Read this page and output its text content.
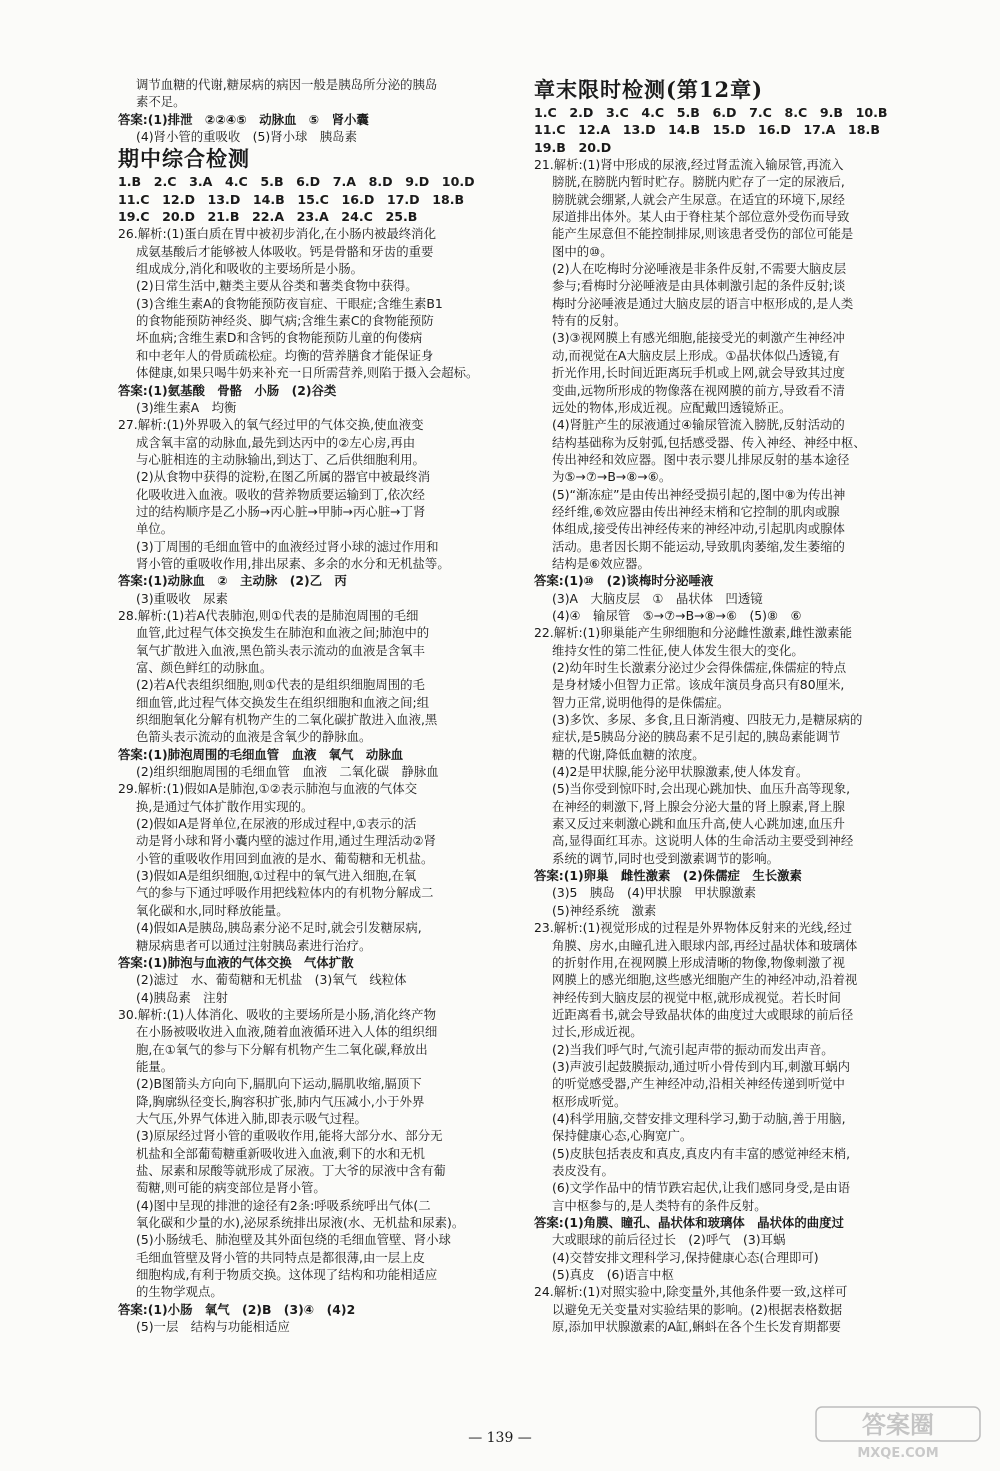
调节血糖的代谢,糖尿病的病因一般是胰岛所分泌的胰岛

素不足。

答案:(1)排泄　②②④⑤　动脉血　⑤　肾小囊

(4)肾小管的重吸收　(5)肾小球　胰岛素

期中综合检测

1.B　2.C　3.A　4.C　5.B　6.D　7.A　8.D　9.D　10.D

11.C　12.D　13.D　14.B　15.C　16.D　17.D　18.B

19.C　20.D　21.B　22.A　23.A　24.C　25.B

26.解析:(1)蛋白质在胃中被初步消化,在小肠内被最终消化

成氨基酸后才能够被人体吸收。钙是骨骼和牙齿的重要

组成成分,消化和吸收的主要场所是小肠。

(2)日常生活中,糖类主要从谷类和薯类食物中获得。

(3)含维生素A的食物能预防夜盲症、干眼症;含维生素B1

的食物能预防神经炎、脚气病;含维生素C的食物能预防

坏血病;含维生素D和含钙的食物能预防儿童的佝偻病

和中老年人的骨质疏松症。均衡的营养膳食才能保证身

体健康,如果只喝牛奶来补充一日所需营养,则陷于摄入会超标。

答案:(1)氨基酸　骨骼　小肠　(2)谷类

(3)维生素A　均衡

27.解析:(1)外界吸入的氧气经过甲的气体交换,使血液变

成含氧丰富的动脉血,最先到达丙中的②左心房,再由

与心脏相连的主动脉输出,到达丁、乙后供细胞利用。

(2)从食物中获得的淀粉,在图乙所属的器官中被最终消

化吸收进入血液。吸收的营养物质要运输到丁,依次经

过的结构顺序是乙小肠→丙心脏→甲肺→丙心脏→丁肾

单位。

(3)丁周围的毛细血管中的血液经过肾小球的滤过作用和

肾小管的重吸收作用,排出尿素、多余的水分和无机盐等。

答案:(1)动脉血　②　主动脉　(2)乙　丙

(3)重吸收　尿素

28.解析:(1)若A代表肺泡,则①代表的是肺泡周围的毛细

血管,此过程气体交换发生在肺泡和血液之间;肺泡中的

氧气扩散进入血液,黑色箭头表示流动的血液是含氧丰

富、颜色鲜红的动脉血。

(2)若A代表组织细胞,则①代表的是组织细胞周围的毛

细血管,此过程气体交换发生在组织细胞和血液之间;组

织细胞氧化分解有机物产生的二氧化碳扩散进入血液,黑

色箭头表示流动的血液是含氧少的静脉血。

答案:(1)肺泡周围的毛细血管　血液　氧气　动脉血

(2)组织细胞周围的毛细血管　血液　二氧化碳　静脉血

29.解析:(1)假如A是肺泡,①②表示肺泡与血液的气体交

换,是通过气体扩散作用实现的。

(2)假如A是肾单位,在尿液的形成过程中,①表示的活

动是肾小球和肾小囊内壁的滤过作用,通过生理活动②肾

小管的重吸收作用回到血液的是水、葡萄糖和无机盐。

(3)假如A是组织细胞,①过程中的氧气进入细胞,在氧

气的参与下通过呼吸作用把线粒体内的有机物分解成二

氧化碳和水,同时释放能量。

(4)假如A是胰岛,胰岛素分泌不足时,就会引发糖尿病,

糖尿病患者可以通过注射胰岛素进行治疗。

答案:(1)肺泡与血液的气体交换　气体扩散

(2)滤过　水、葡萄糖和无机盐　(3)氧气　线粒体

(4)胰岛素　注射

30.解析:(1)人体消化、吸收的主要场所是小肠,消化终产物

在小肠被吸收进入血液,随着血液循环进入人体的组织细

胞,在①氧气的参与下分解有机物产生二氧化碳,释放出

能量。

(2)B图箭头方向向下,膈肌向下运动,膈肌收缩,膈顶下

降,胸廓纵径变长,胸容积扩张,肺内气压减小,小于外界

大气压,外界气体进入肺,即表示吸气过程。

(3)原尿经过肾小管的重吸收作用,能将大部分水、部分无

机盐和全部葡萄糖重新吸收进入血液,剩下的水和无机

盐、尿素和尿酸等就形成了尿液。丁大爷的尿液中含有葡

萄糖,则可能的病变部位是肾小管。

(4)图中呈现的排泄的途径有2条:呼吸系统呼出气体(二

氧化碳和少量的水),泌尿系统排出尿液(水、无机盐和尿素)。

(5)小肠绒毛、肺泡壁及其外面包绕的毛细血管壁、肾小球

毛细血管壁及肾小管的共同特点是都很薄,由一层上皮

细胞构成,有利于物质交换。这体现了结构和功能相适应

的生物学观点。

答案:(1)小肠　氧气　(2)B　(3)④　(4)2

(5)一层　结构与功能相适应

章末限时检测(第12章)

1.C　2.D　3.C　4.C　5.B　6.D　7.C　8.C　9.B　10.B

11.C　12.A　13.D　14.B　15.D　16.D　17.A　18.B

19.B　20.D

21.解析:(1)肾中形成的尿液,经过肾盂流入输尿管,再流入

膀胱,在膀胱内暂时贮存。膀胱内贮存了一定的尿液后,

膀胱就会绷紧,人就会产生尿意。在适宜的环境下,尿经

尿道排出体外。某人由于脊柱某个部位意外受伤而导致

能产生尿意但不能控制排尿,则该患者受伤的部位可能是

图中的⑩。

(2)人在吃梅时分泌唾液是非条件反射,不需要大脑皮层

参与;看梅时分泌唾液是由具体刺激引起的条件反射;谈

梅时分泌唾液是通过大脑皮层的语言中枢形成的,是人类

特有的反射。

(3)③视网膜上有感光细胞,能接受光的刺激产生神经冲

动,而视觉在A大脑皮层上形成。①晶状体似凸透镜,有

折光作用,长时间近距离玩手机或上网,就会导致其过度

变曲,远物所形成的物像落在视网膜的前方,导致看不清

远处的物体,形成近视。应配戴凹透镜矫正。

(4)肾脏产生的尿液通过④输尿管流入膀胱,反射活动的

结构基础称为反射弧,包括感受器、传入神经、神经中枢、

传出神经和效应器。图中表示婴儿排尿反射的基本途径

为⑤→⑦→B→⑧→⑥。

(5)“渐冻症”是由传出神经受损引起的,图中⑧为传出神

经纤维,⑥效应器由传出神经末梢和它控制的肌肉或腺

体组成,接受传出神经传来的神经冲动,引起肌肉或腺体

活动。患者因长期不能运动,导致肌肉萎缩,发生萎缩的

结构是⑥效应器。

答案:(1)⑩　(2)谈梅时分泌唾液

(3)A　大脑皮层　①　晶状体　凹透镜

(4)④　输尿管　⑤→⑦→B→⑧→⑥　(5)⑧　⑥

22.解析:(1)卵巢能产生卵细胞和分泌雌性激素,雌性激素能

维持女性的第二性征,使人体发生很大的变化。

(2)幼年时生长激素分泌过少会得侏儒症,侏儒症的特点

是身材矮小但智力正常。该成年演员身高只有80厘米,

智力正常,说明他得的是侏儒症。

(3)多饮、多尿、多食,且日渐消瘦、四肢无力,是糖尿病的

症状,是5胰岛分泌的胰岛素不足引起的,胰岛素能调节

糖的代谢,降低血糖的浓度。

(4)2是甲状腺,能分泌甲状腺激素,使人体发育。

(5)当你受到惊吓时,会出现心跳加快、血压升高等现象,

在神经的刺激下,肾上腺会分泌大量的肾上腺素,肾上腺

素又反过来刺激心跳和血压升高,使人心跳加速,血压升

高,显得面红耳赤。这说明人体的生命活动主要受到神经

系统的调节,同时也受到激素调节的影响。

答案:(1)卵巢　雌性激素　(2)侏儒症　生长激素

(3)5　胰岛　(4)甲状腺　甲状腺激素

(5)神经系统　激素

23.解析:(1)视觉形成的过程是外界物体反射来的光线,经过

角膜、房水,由瞳孔进入眼球内部,再经过晶状体和玻璃体

的折射作用,在视网膜上形成清晰的物像,物像刺激了视

网膜上的感光细胞,这些感光细胞产生的神经冲动,沿着视

神经传到大脑皮层的视觉中枢,就形成视觉。若长时间

近距离看书,就会导致晶状体的曲度过大或眼球的前后径

过长,形成近视。

(2)当我们呼气时,气流引起声带的振动而发出声音。

(3)声波引起鼓膜振动,通过听小骨传到内耳,刺激耳蜗内

的听觉感受器,产生神经冲动,沿相关神经传递到听觉中

枢形成听觉。

(4)科学用脑,交替安排文理科学习,勤于动脑,善于用脑,

保持健康心态,心胸宽广。

(5)皮肤包括表皮和真皮,真皮内有丰富的感觉神经末梢,

表皮没有。

(6)文学作品中的情节跌宕起伏,让我们感同身受,是由语

言中枢参与的,是人类特有的条件反射。

答案:(1)角膜、瞳孔、晶状体和玻璃体　晶状体的曲度过

大或眼球的前后径过长　(2)呼气　(3)耳蜗

(4)交替安排文理科学习,保持健康心态(合理即可)

(5)真皮　(6)语言中枢

24.解析:(1)对照实验中,除变量外,其他条件要一致,这样可

以避免无关变量对实验结果的影响。(2)根据表格数据

原,添加甲状腺激素的A缸,蝌蚪在各个生长发育期都要

— 139 —	答案圈
MXQE.COM
